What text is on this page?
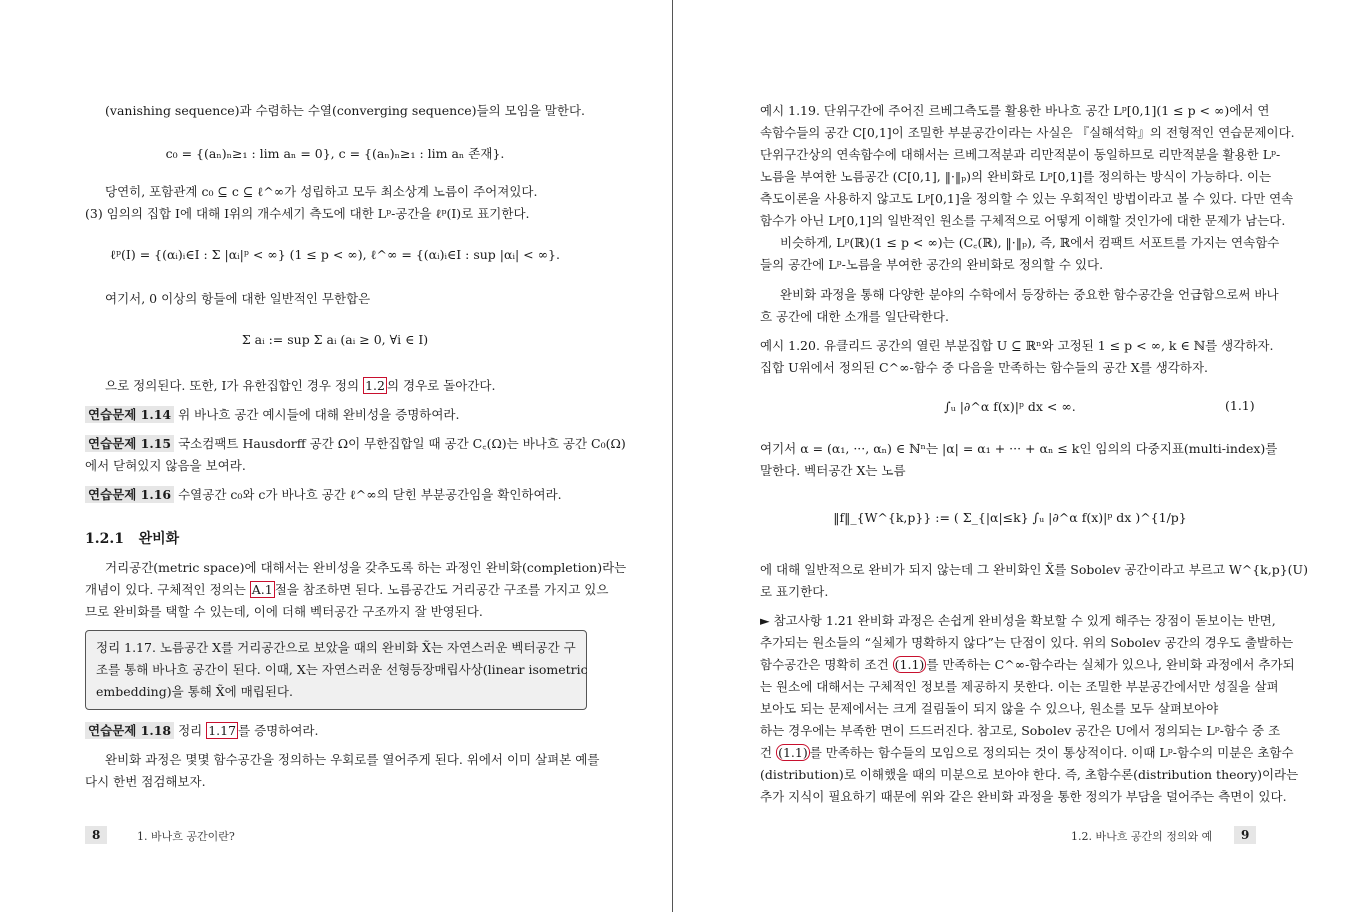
(vanishing sequence)과 수렴하는 수열(converging sequence)들의 모임을 말한다.
c₀ = {(aₙ)ₙ≥₁ : lim aₙ = 0}, c = {(aₙ)ₙ≥₁ : lim aₙ 존재}.
당연히, 포함관계 c₀ ⊆ c ⊆ ℓ^∞가 성립하고 모두 최소상계 노름이 주어져있다.
(3) 임의의 집합 I에 대해 I위의 개수세기 측도에 대한 Lᵖ-공간을 ℓᵖ(I)로 표기한다.
ℓᵖ(I) = {(αᵢ)ᵢ∈I : Σ |αᵢ|ᵖ < ∞} (1 ≤ p < ∞), ℓ^∞ = {(αᵢ)ᵢ∈I : sup |αᵢ| < ∞}.
여기서, 0 이상의 항들에 대한 일반적인 무한합은
Σ aᵢ := sup Σ aᵢ (aᵢ ≥ 0, ∀i ∈ I)
으로 정의된다. 또한, I가 유한집합인 경우 정의 1.2 의 경우로 돌아간다.
연습문제 1.14 위 바나흐 공간 예시들에 대해 완비성을 증명하여라.
연습문제 1.15 국소컴팩트 Hausdorff 공간 Ω이 무한집합일 때 공간 C꜀(Ω)는 바나흐 공간 C₀(Ω)
에서 닫혀있지 않음을 보여라.
연습문제 1.16 수열공간 c₀와 c가 바나흐 공간 ℓ^∞의 닫힌 부분공간임을 확인하여라.
1.2.1 완비화
거리공간(metric space)에 대해서는 완비성을 갖추도록 하는 과정인 완비화(completion)라는
개념이 있다. 구체적인 정의는 A.1 절을 참조하면 된다. 노름공간도 거리공간 구조를 가지고 있으
므로 완비화를 택할 수 있는데, 이에 더해 벡터공간 구조까지 잘 반영된다.
정리 1.17. 노름공간 X를 거리공간으로 보았을 때의 완비화 X̃는 자연스러운 벡터공간 구
조를 통해 바나흐 공간이 된다. 이때, X는 자연스러운 선형등장매립사상(linear isometric
embedding)을 통해 X̃에 매립된다.
연습문제 1.18 정리 1.17 를 증명하여라.
완비화 과정은 몇몇 함수공간을 정의하는 우회로를 열어주게 된다. 위에서 이미 살펴본 예를
다시 한번 점검해보자.
8	1. 바나흐 공간이란?
예시 1.19. 단위구간에 주어진 르베그측도를 활용한 바나흐 공간 Lᵖ[0,1](1 ≤ p < ∞)에서 연
속함수들의 공간 C[0,1]이 조밀한 부분공간이라는 사실은 『실해석학』의 전형적인 연습문제이다.
단위구간상의 연속함수에 대해서는 르베그적분과 리만적분이 동일하므로 리만적분을 활용한 Lᵖ-
노름을 부여한 노름공간 (C[0,1], ‖·‖ₚ)의 완비화로 Lᵖ[0,1]를 정의하는 방식이 가능하다. 이는
측도이론을 사용하지 않고도 Lᵖ[0,1]을 정의할 수 있는 우회적인 방법이라고 볼 수 있다. 다만 연속
함수가 아닌 Lᵖ[0,1]의 일반적인 원소를 구체적으로 어떻게 이해할 것인가에 대한 문제가 남는다.
비슷하게, Lᵖ(ℝ)(1 ≤ p < ∞)는 (C꜀(ℝ), ‖·‖ₚ), 즉, ℝ에서 컴팩트 서포트를 가지는 연속함수
들의 공간에 Lᵖ-노름을 부여한 공간의 완비화로 정의할 수 있다.
완비화 과정을 통해 다양한 분야의 수학에서 등장하는 중요한 함수공간을 언급함으로써 바나
흐 공간에 대한 소개를 일단락한다.
예시 1.20. 유클리드 공간의 열린 부분집합 U ⊆ ℝⁿ와 고정된 1 ≤ p < ∞, k ∈ ℕ를 생각하자.
집합 U위에서 정의된 C^∞-함수 중 다음을 만족하는 함수들의 공간 X를 생각하자.
∫ᵤ |∂^α f(x)|ᵖ dx < ∞.	(1.1)
여기서 α = (α₁, ···, αₙ) ∈ ℕⁿ는 |α| = α₁ + ··· + αₙ ≤ k인 임의의 다중지표(multi-index)를
말한다. 벡터공간 X는 노름
‖f‖_{W^{k,p}} := ( Σ_{|α|≤k} ∫ᵤ |∂^α f(x)|ᵖ dx )^{1/p}
에 대해 일반적으로 완비가 되지 않는데 그 완비화인 X̃를 Sobolev 공간이라고 부르고 W^{k,p}(U)
로 표기한다.
► 참고사항 1.21 완비화 과정은 손쉽게 완비성을 확보할 수 있게 해주는 장점이 돋보이는 반면,
추가되는 원소들의 “실체가 명확하지 않다”는 단점이 있다. 위의 Sobolev 공간의 경우도 출발하는
함수공간은 명확히 조건 (1.1) 를 만족하는 C^∞-함수라는 실체가 있으나, 완비화 과정에서 추가되
는 원소에 대해서는 구체적인 정보를 제공하지 못한다. 이는 조밀한 부분공간에서만 성질을 살펴
보아도 되는 문제에서는 크게 걸림돌이 되지 않을 수 있으나, 원소를 모두 살펴보아야
하는 경우에는 부족한 면이 드드러진다. 참고로, Sobolev 공간은 U에서 정의되는 Lᵖ-함수 중 조
건 (1.1) 를 만족하는 함수들의 모임으로 정의되는 것이 통상적이다. 이때 Lᵖ-함수의 미분은 초함수
(distribution)로 이해했을 때의 미분으로 보아야 한다. 즉, 초함수론(distribution theory)이라는
추가 지식이 필요하기 때문에 위와 같은 완비화 과정을 통한 정의가 부담을 덜어주는 측면이 있다.
1.2. 바나흐 공간의 정의와 예	9
